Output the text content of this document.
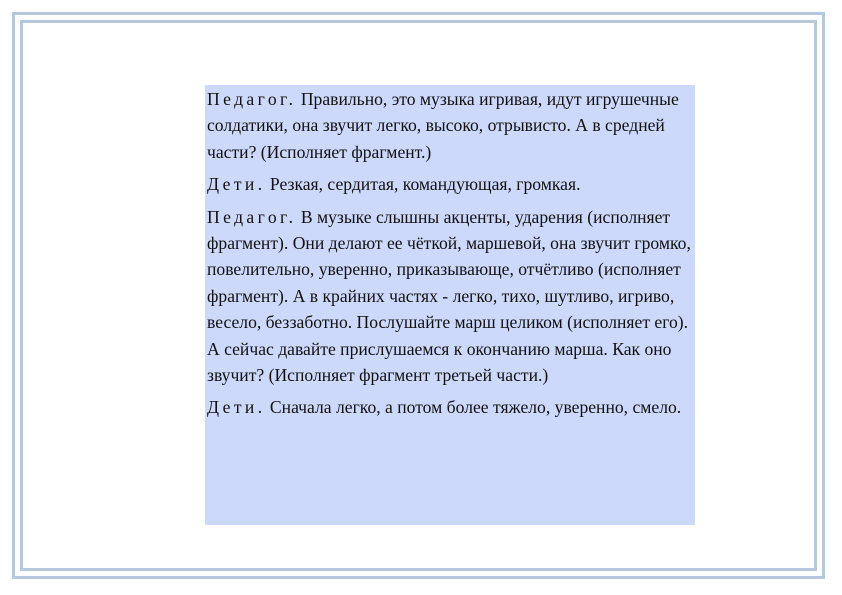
Педагог. Правильно, это музыка игривая, идут игрушечные солдатики, она звучит легко, высоко, отрывисто. А в средней части? (Исполняет фрагмент.)

Дети. Резкая, сердитая, командующая, громкая.

Педагог. В музыке слышны акценты, ударения (исполняет фрагмент). Они делают ее чёткой, маршевой, она звучит громко, повелительно, уверенно, приказывающе, отчётливо (исполняет фрагмент). А в крайних частях - легко, тихо, шутливо, игриво, весело, беззаботно. Послушайте марш целиком (исполняет его). А сейчас давайте прислушаемся к окончанию марша. Как оно звучит? (Исполняет фрагмент третьей части.)

Дети. Сначала легко, а потом более тяжело, уверенно, смело.
